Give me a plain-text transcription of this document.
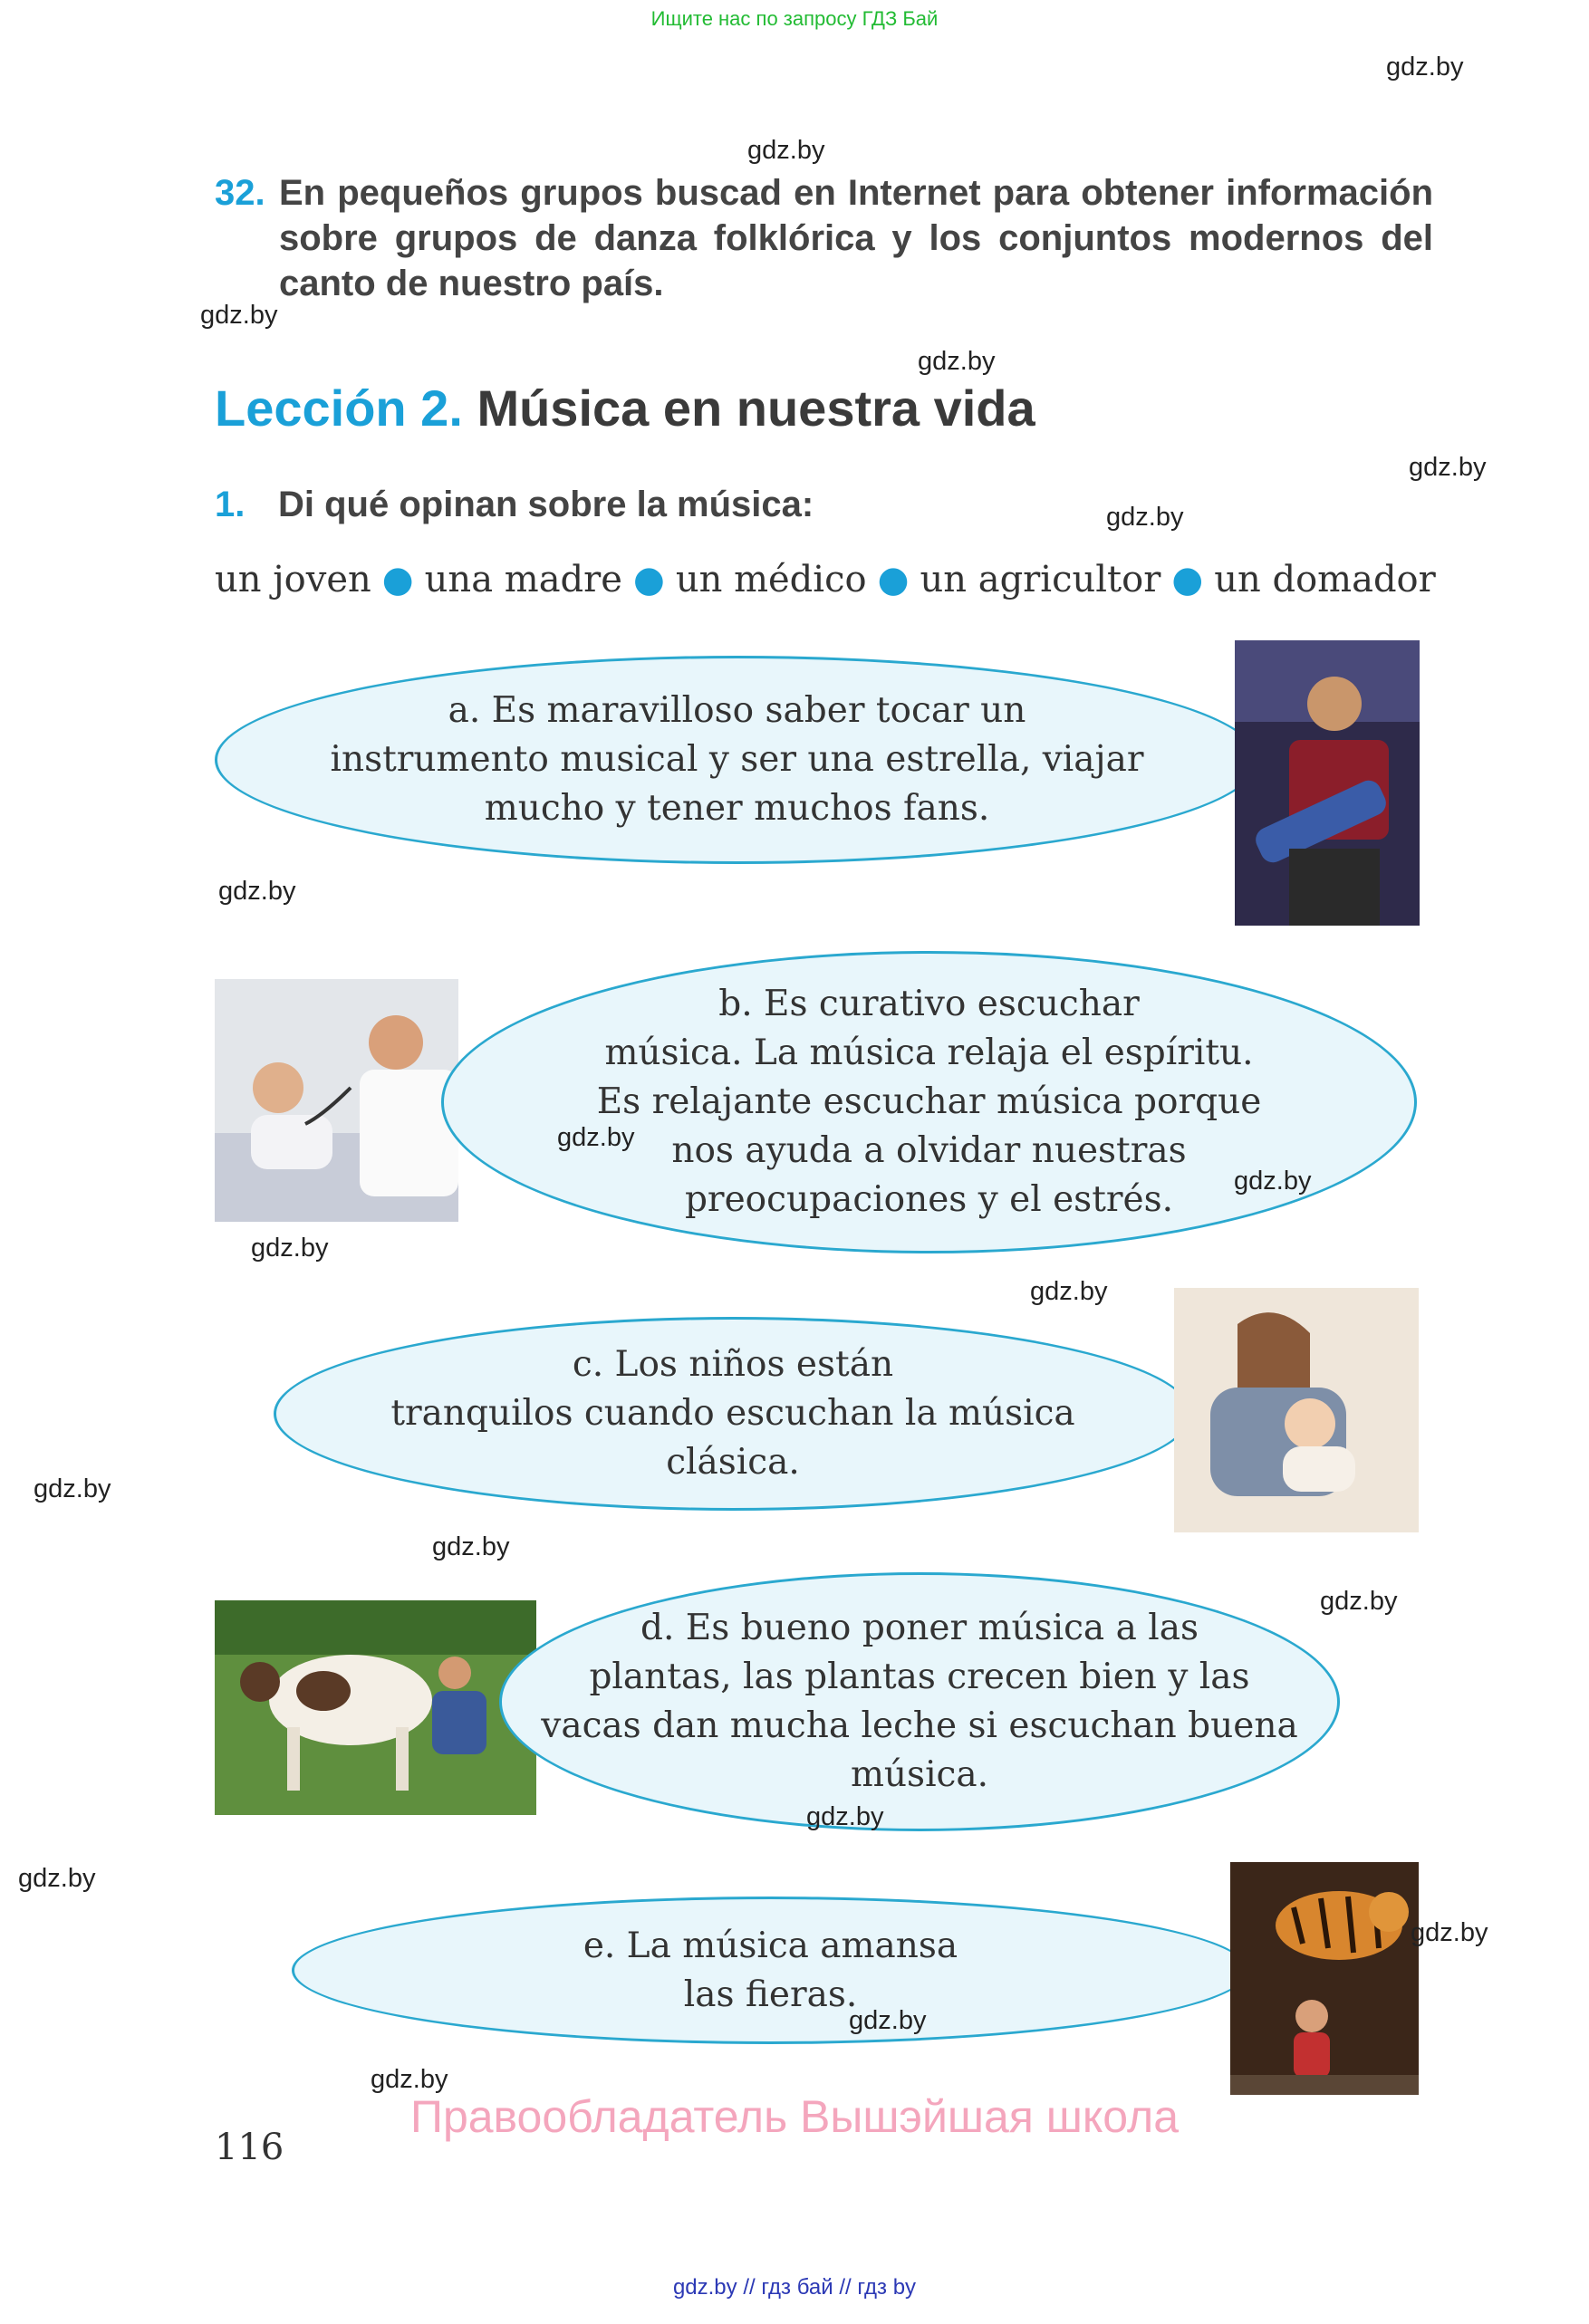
Ищите нас по запросу ГДЗ Бай
gdz.by
gdz.by
gdz.by
gdz.by
gdz.by
gdz.by
gdz.by
gdz.by
gdz.by
gdz.by
gdz.by
gdz.by
gdz.by
gdz.by
32. En pequeños grupos buscad en Internet para obtener información sobre grupos de danza folklórica y los conjuntos modernos del canto de nuestro país.
Lección 2. Música en nuestra vida
1. Di qué opinan sobre la música:
un joven ● una madre ● un médico ● un agricultor ● un domador
a. Es maravilloso saber tocar un
instrumento musical y ser una estrella, viajar
mucho y tener muchos fans.
b. Es curativo escuchar
música. La música relaja el espíritu.
Es relajante escuchar música porque
nos ayuda a olvidar nuestras
preocupaciones y el estrés.
gdz.by
gdz.by
c. Los niños están
tranquilos cuando escuchan la música
clásica.
d. Es bueno poner música a las
plantas, las plantas crecen bien y las
vacas dan mucha leche si escuchan buena
música.
gdz.by
e. La música amansa
las fieras.
gdz.by
gdz.by
Правообладатель Вышэйшая школа
116
gdz.by // гдз бай // гдз by
